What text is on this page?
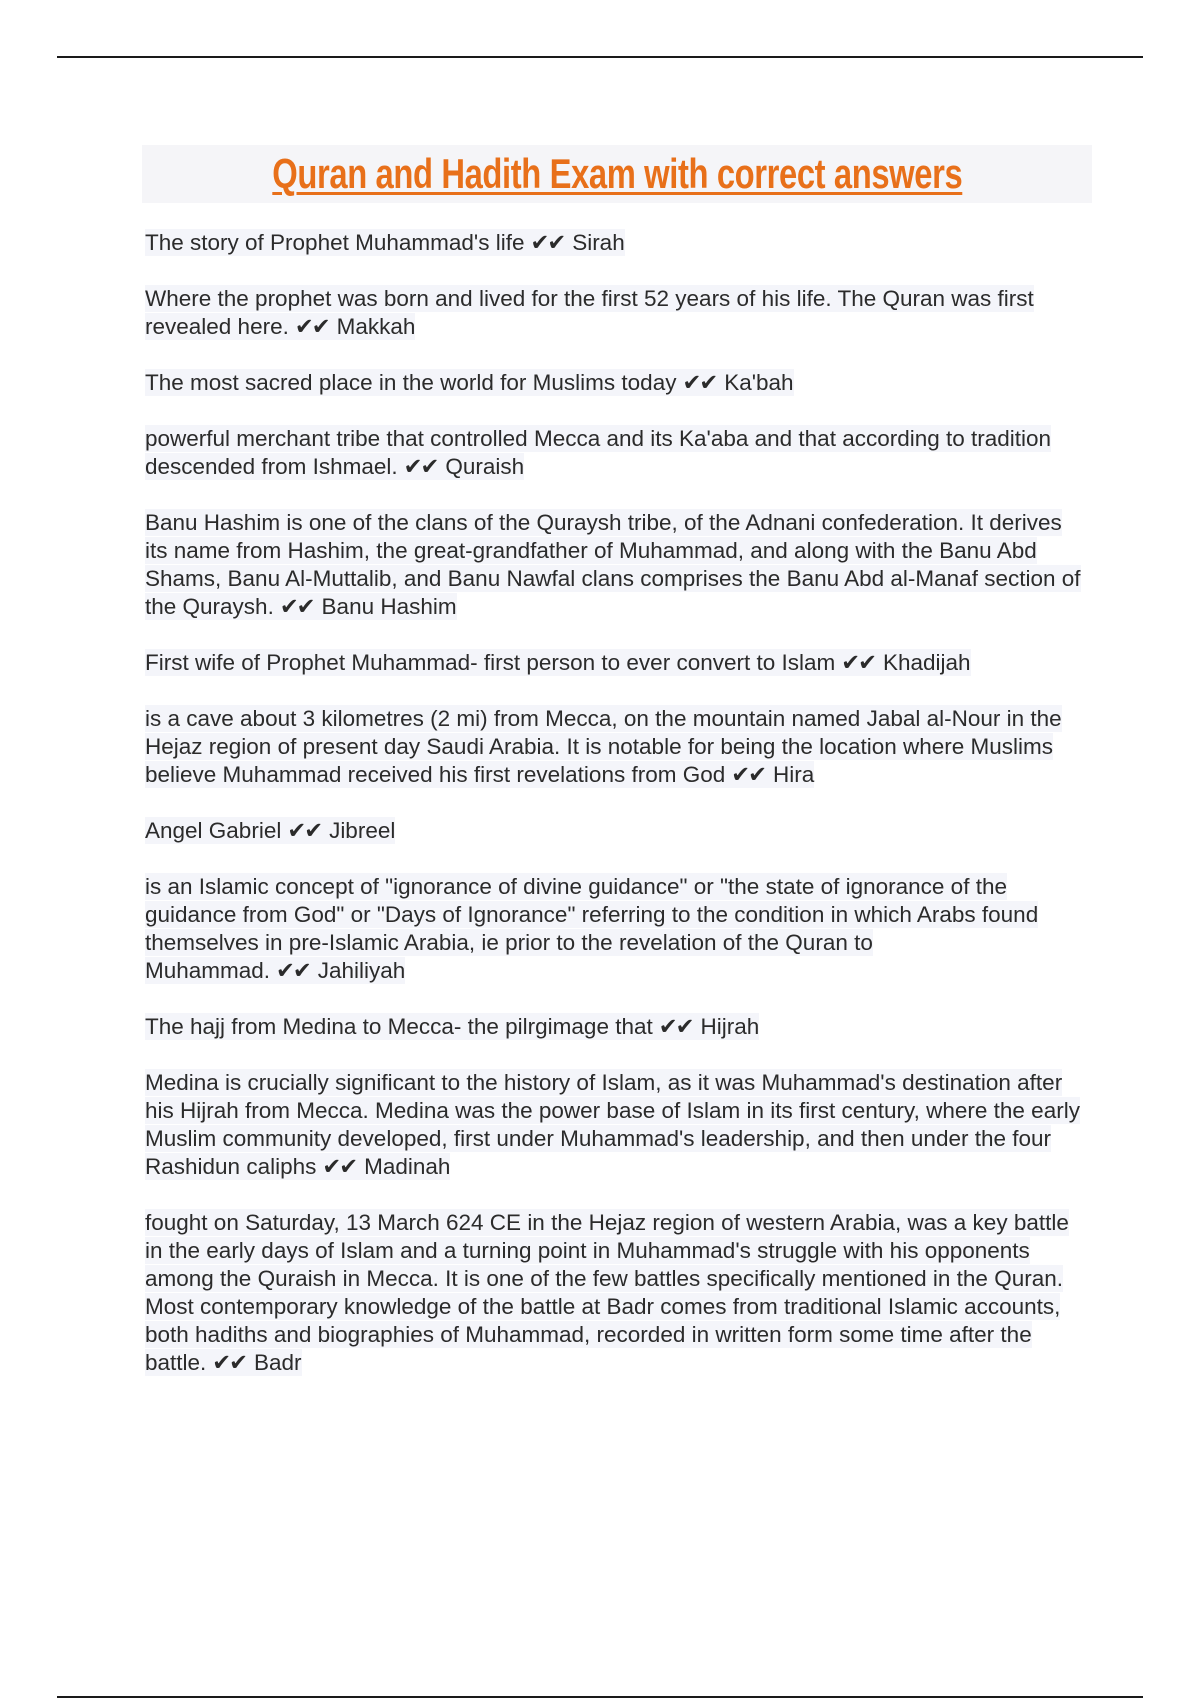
Quran and Hadith Exam with correct answers

The story of Prophet Muhammad's life ✔✔ Sirah

Where the prophet was born and lived for the first 52 years of his life. The Quran was first revealed here. ✔✔ Makkah

The most sacred place in the world for Muslims today ✔✔ Ka'bah

powerful merchant tribe that controlled Mecca and its Ka'aba and that according to tradition descended from Ishmael. ✔✔ Quraish

Banu Hashim is one of the clans of the Quraysh tribe, of the Adnani confederation. It derives its name from Hashim, the great-grandfather of Muhammad, and along with the Banu Abd Shams, Banu Al-Muttalib, and Banu Nawfal clans comprises the Banu Abd al-Manaf section of the Quraysh. ✔✔ Banu Hashim

First wife of Prophet Muhammad- first person to ever convert to Islam ✔✔ Khadijah

is a cave about 3 kilometres (2 mi) from Mecca, on the mountain named Jabal al-Nour in the Hejaz region of present day Saudi Arabia. It is notable for being the location where Muslims believe Muhammad received his first revelations from God ✔✔ Hira

Angel Gabriel ✔✔ Jibreel

is an Islamic concept of "ignorance of divine guidance" or "the state of ignorance of the guidance from God" or "Days of Ignorance" referring to the condition in which Arabs found themselves in pre-Islamic Arabia, ie prior to the revelation of the Quran to Muhammad. ✔✔ Jahiliyah

The hajj from Medina to Mecca- the pilrgimage that ✔✔ Hijrah

Medina is crucially significant to the history of Islam, as it was Muhammad's destination after his Hijrah from Mecca. Medina was the power base of Islam in its first century, where the early Muslim community developed, first under Muhammad's leadership, and then under the four Rashidun caliphs ✔✔ Madinah

fought on Saturday, 13 March 624 CE in the Hejaz region of western Arabia, was a key battle in the early days of Islam and a turning point in Muhammad's struggle with his opponents among the Quraish in Mecca. It is one of the few battles specifically mentioned in the Quran. Most contemporary knowledge of the battle at Badr comes from traditional Islamic accounts, both hadiths and biographies of Muhammad, recorded in written form some time after the battle. ✔✔ Badr
